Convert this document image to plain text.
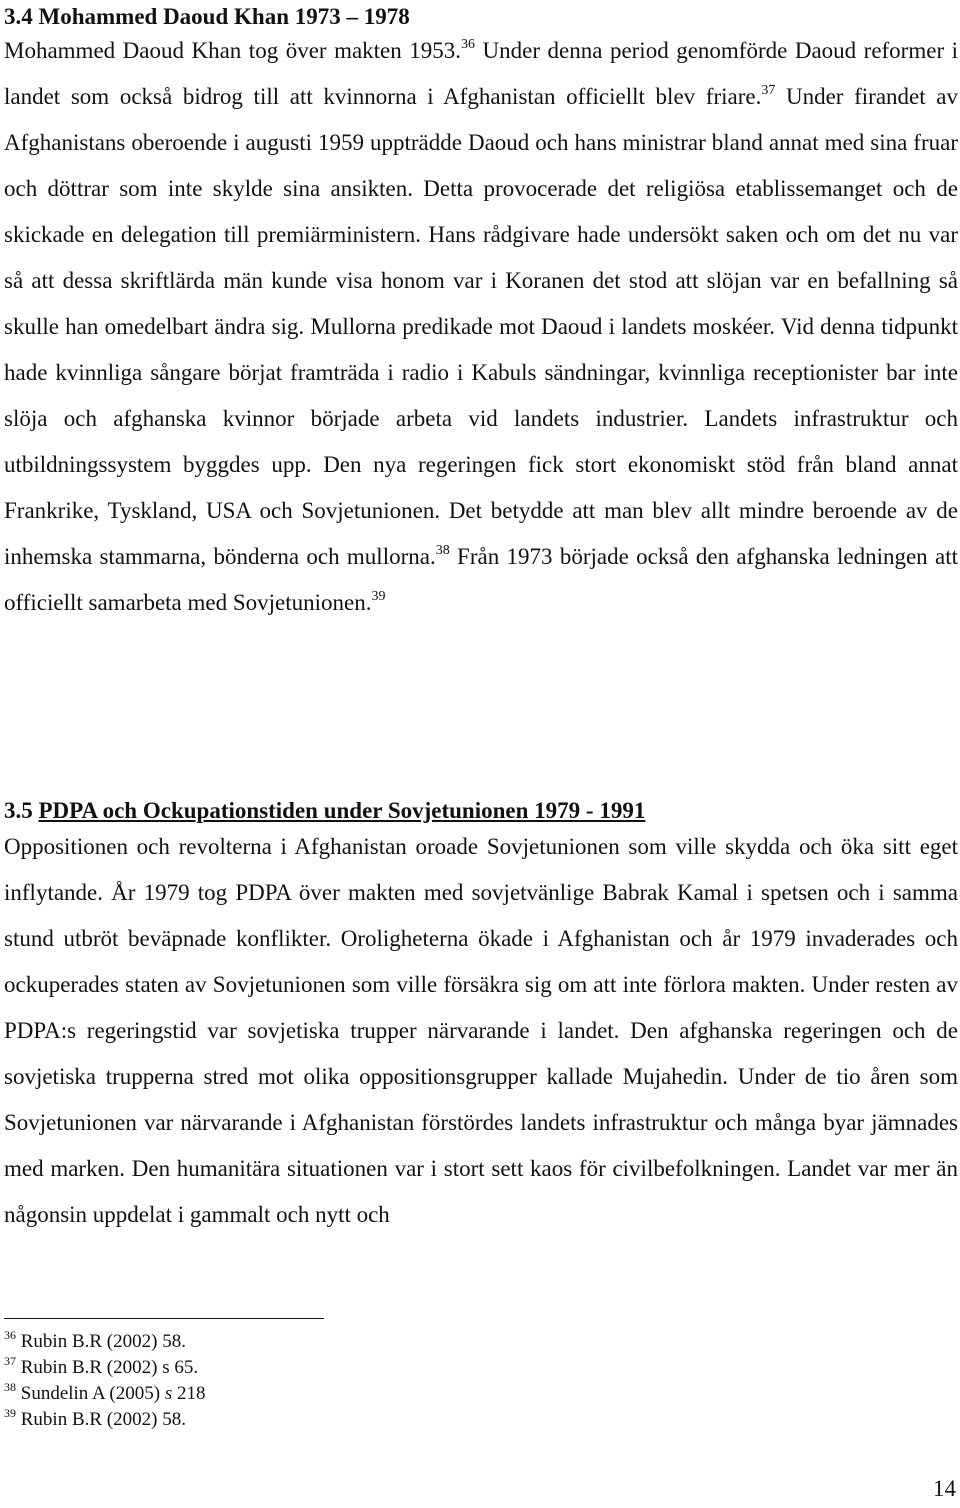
3.4 Mohammed Daoud Khan 1973 – 1978

Mohammed Daoud Khan tog över makten 1953.36 Under denna period genomförde Daoud reformer i landet som också bidrog till att kvinnorna i Afghanistan officiellt blev friare.$^{37}$ Under firandet av Afghanistans oberoende i augusti 1959 uppträdde Daoud och hans ministrar bland annat med sina fruar och döttrar som inte skylde sina ansikten. Detta provocerade det religiösa etablissemanget och de skickade en delegation till premiärministern. Hans rådgivare hade undersökt saken och om det nu var så att dessa skriftlärda män kunde visa honom var i Koranen det stod att slöjan var en befallning så skulle han omedelbart ändra sig. Mullorna predikade mot Daoud i landets moskéer. Vid denna tidpunkt hade kvinnliga sångare börjat framträda i radio i Kabuls sändningar, kvinnliga receptionister bar inte slöja och afghanska kvinnor började arbeta vid landets industrier. Landets infrastruktur och utbildningssystem byggdes upp. Den nya regeringen fick stort ekonomiskt stöd från bland annat Frankrike, Tyskland, USA och Sovjetunionen. Det betydde att man blev allt mindre beroende av de inhemska stammarna, bönderna och mullorna.$^{38}$ Från 1973 började också den afghanska ledningen att officiellt samarbeta med Sovjetunionen.$^{39}$

3.5 PDPA och Ockupationstiden under Sovjetunionen 1979 - 1991

Oppositionen och revolterna i Afghanistan oroade Sovjetunionen som ville skydda och öka sitt eget inflytande. År 1979 tog PDPA över makten med sovjetvänlige Babrak Kamal i spetsen och i samma stund utbröt beväpnade konflikter. Oroligheterna ökade i Afghanistan och år 1979 invaderades och ockuperades staten av Sovjetunionen som ville försäkra sig om att inte förlora makten. Under resten av PDPA:s regeringstid var sovjetiska trupper närvarande i landet. Den afghanska regeringen och de sovjetiska trupperna stred mot olika oppositionsgrupper kallade Mujahedin. Under de tio åren som Sovjetunionen var närvarande i Afghanistan förstördes landets infrastruktur och många byar jämnades med marken. Den humanitära situationen var i stort sett kaos för civilbefolkningen. Landet var mer än någonsin uppdelat i gammalt och nytt och

$^{36}$ Rubin B.R (2002) 58.
$^{37}$ Rubin B.R (2002) s 65.
$^{38}$ Sundelin A (2005) s 218
$^{39}$ Rubin B.R (2002) 58.
14
